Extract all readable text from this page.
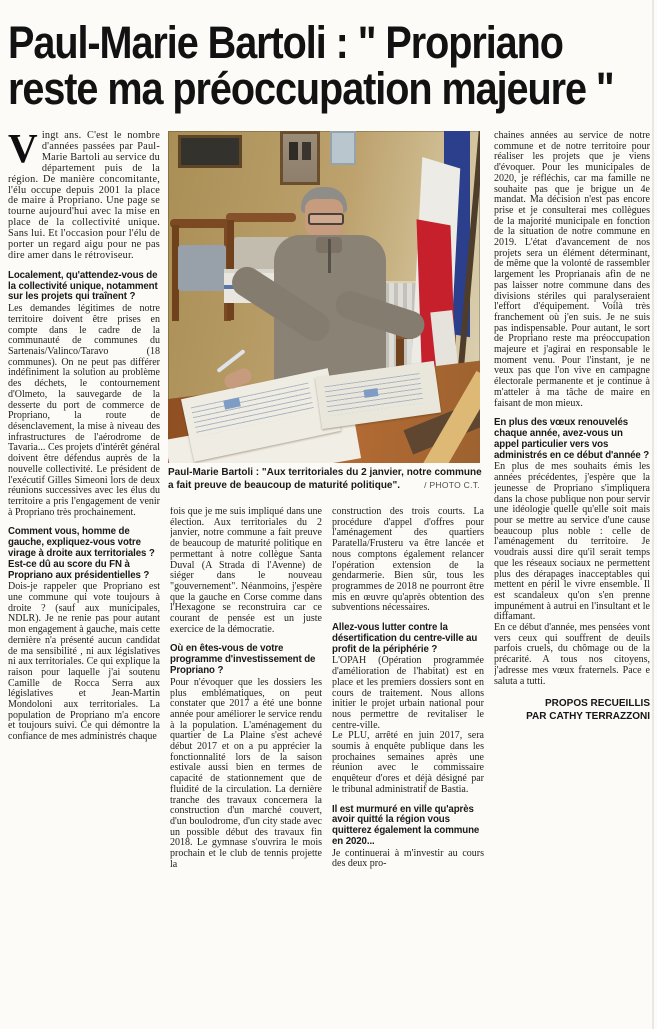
Paul-Marie Bartoli : " Propriano
reste ma préoccupation majeure "
Paul-Marie Bartoli : "Aux territoriales du 2 janvier, notre commune a fait preuve de beaucoup de maturité politique".	/ PHOTO C.T.

Vingt ans. C'est le nombre d'années passées par Paul-Marie Bartoli au service du département puis de la région. De manière concomitante, l'élu occupe depuis 2001 la place de maire à Propriano. Une page se tourne aujourd'hui avec la mise en place de la collectivité unique. Sans lui. Et l'occasion pour l'élu de porter un regard aigu pour ne pas dire amer dans le rétroviseur.

Localement, qu'attendez-vous de la collectivité unique, notamment sur les projets qui traînent ?

Les demandes légitimes de notre territoire doivent être prises en compte dans le cadre de la communauté de communes du Sartenais/Valinco/Taravo (18 communes). On ne peut pas différer indéfiniment la solution au problème des déchets, le contournement d'Olmeto, la sauvegarde de la desserte du port de commerce de Propriano, la route de désenclavement, la mise à niveau des infrastructures de l'aérodrome de Tavaria... Ces projets d'intérêt général doivent être défendus auprès de la nouvelle collectivité. Le président de l'exécutif Gilles Simeoni lors de deux réunions successives avec les élus du territoire a pris l'engagement de venir à Propriano très prochainement.

Comment vous, homme de gauche, expliquez-vous votre virage à droite aux territoriales ? Est-ce dû au score du FN à Propriano aux présidentielles ?

Dois-je rappeler que Propriano est une commune qui vote toujours à droite ? (sauf aux municipales, NDLR). Je ne renie pas pour autant mon engagement à gauche, mais cette dernière n'a présenté aucun candidat de ma sensibilité , ni aux législatives ni aux territoriales. Ce qui explique la raison pour laquelle j'ai soutenu Camille de Rocca Serra aux législatives et Jean-Martin Mondoloni aux territoriales. La population de Propriano m'a encore et toujours suivi. Ce qui démontre la confiance de mes administrés chaque

fois que je me suis impliqué dans une élection. Aux territoriales du 2 janvier, notre commune a fait preuve de beaucoup de maturité politique en permettant à notre collègue Santa Duval (A Strada di l'Avenne) de siéger dans le nouveau "gouvernement". Néanmoins, j'espère que la gauche en Corse comme dans l'Hexagone se reconstruira car ce courant de pensée est un juste exercice de la démocratie.

Où en êtes-vous de votre programme d'investissement de Propriano ?

Pour n'évoquer que les dossiers les plus emblématiques, on peut constater que 2017 a été une bonne année pour améliorer le service rendu à la population. L'aménagement du quartier de La Plaine s'est achevé début 2017 et on a pu apprécier la fonctionnalité lors de la saison estivale aussi bien en termes de capacité de stationnement que de fluidité de la circulation. La dernière tranche des travaux concernera la construction d'un marché couvert, d'un boulodrome, d'un city stade avec un possible début des travaux fin 2018. Le gymnase s'ouvrira le mois prochain et le club de tennis projette la

construction des trois courts. La procédure d'appel d'offres pour l'aménagement des quartiers Paratella/Frusteru va être lancée et nous comptons également relancer l'opération extension de la gendarmerie. Bien sûr, tous les programmes de 2018 ne pourront être mis en œuvre qu'après obtention des subventions nécessaires.

Allez-vous lutter contre la désertification du centre-ville au profit de la périphérie ?

L'OPAH (Opération programmée d'amélioration de l'habitat) est en place et les premiers dossiers sont en cours de traitement. Nous allons initier le projet urbain national pour nous permettre de revitaliser le centre-ville.
Le PLU, arrêté en juin 2017, sera soumis à enquête publique dans les prochaines semaines après une réunion avec le commissaire enquêteur d'ores et déjà désigné par le tribunal administratif de Bastia.

Il est murmuré en ville qu'après avoir quitté la région vous quitterez également la commune en 2020...

Je continuerai à m'investir au cours des deux pro-

chaines années au service de notre commune et de notre territoire pour réaliser les projets que je viens d'évoquer. Pour les municipales de 2020, je réfléchis, car ma famille ne souhaite pas que je brigue un 4e mandat. Ma décision n'est pas encore prise et je consulterai mes collègues de la majorité municipale en fonction de la situation de notre commune en 2019. L'état d'avancement de nos projets sera un élément déterminant, de même que la volonté de rassembler largement les Proprianais afin de ne pas laisser notre commune dans des divisions stériles qui paralyseraient l'effort d'équipement. Voilà très franchement où j'en suis. Je ne suis pas indispensable. Pour autant, le sort de Propriano reste ma préoccupation majeure et j'agirai en responsable le moment venu. Pour l'instant, je ne veux pas que l'on vive en campagne électorale permanente et je continue à m'atteler à ma tâche de maire en faisant de mon mieux.

En plus des vœux renouvelés chaque année, avez-vous un appel particulier vers vos administrés en ce début d'année ?

En plus de mes souhaits émis les années précédentes, j'espère que la jeunesse de Propriano s'impliquera dans la chose publique non pour servir une idéologie quelle qu'elle soit mais pour se mettre au service d'une cause beaucoup plus noble : celle de l'aménagement du territoire. Je voudrais aussi dire qu'il serait temps que les réseaux sociaux ne permettent plus des dérapages inacceptables qui mettent en péril le vivre ensemble. Il est scandaleux qu'on s'en prenne impunément à autrui en l'insultant et le diffamant.
En ce début d'année, mes pensées vont vers ceux qui souffrent de deuils parfois cruels, du chômage ou de la précarité. A tous nos citoyens, j'adresse mes vœux fraternels. Pace e saluta a tutti.

PROPOS RECUEILLIS
PAR CATHY TERRAZZONI
